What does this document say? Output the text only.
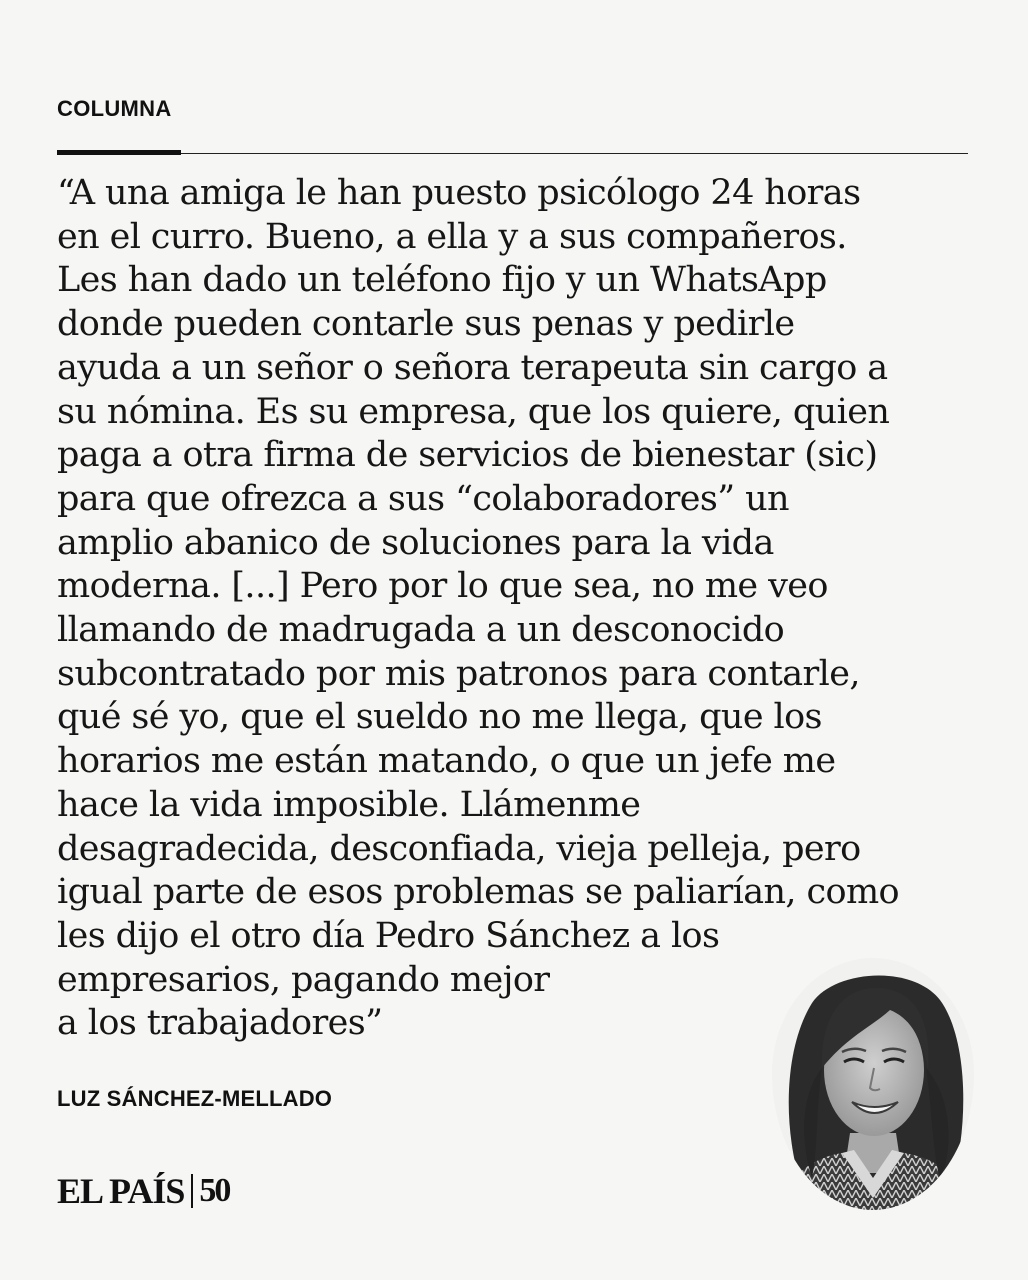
COLUMNA

“A una amiga le han puesto psicólogo 24 horas
en el curro. Bueno, a ella y a sus compañeros.
Les han dado un teléfono fijo y un WhatsApp
donde pueden contarle sus penas y pedirle
ayuda a un señor o señora terapeuta sin cargo a
su nómina. Es su empresa, que los quiere, quien
paga a otra firma de servicios de bienestar (sic)
para que ofrezca a sus “colaboradores” un
amplio abanico de soluciones para la vida
moderna. [...] Pero por lo que sea, no me veo
llamando de madrugada a un desconocido
subcontratado por mis patronos para contarle,
qué sé yo, que el sueldo no me llega, que los
horarios me están matando, o que un jefe me
hace la vida imposible. Llámenme
desagradecida, desconfiada, vieja pelleja, pero
igual parte de esos problemas se paliarían, como
les dijo el otro día Pedro Sánchez a los
empresarios, pagando mejor
a los trabajadores”

LUZ SÁNCHEZ-MELLADO
EL PAÍS 50
